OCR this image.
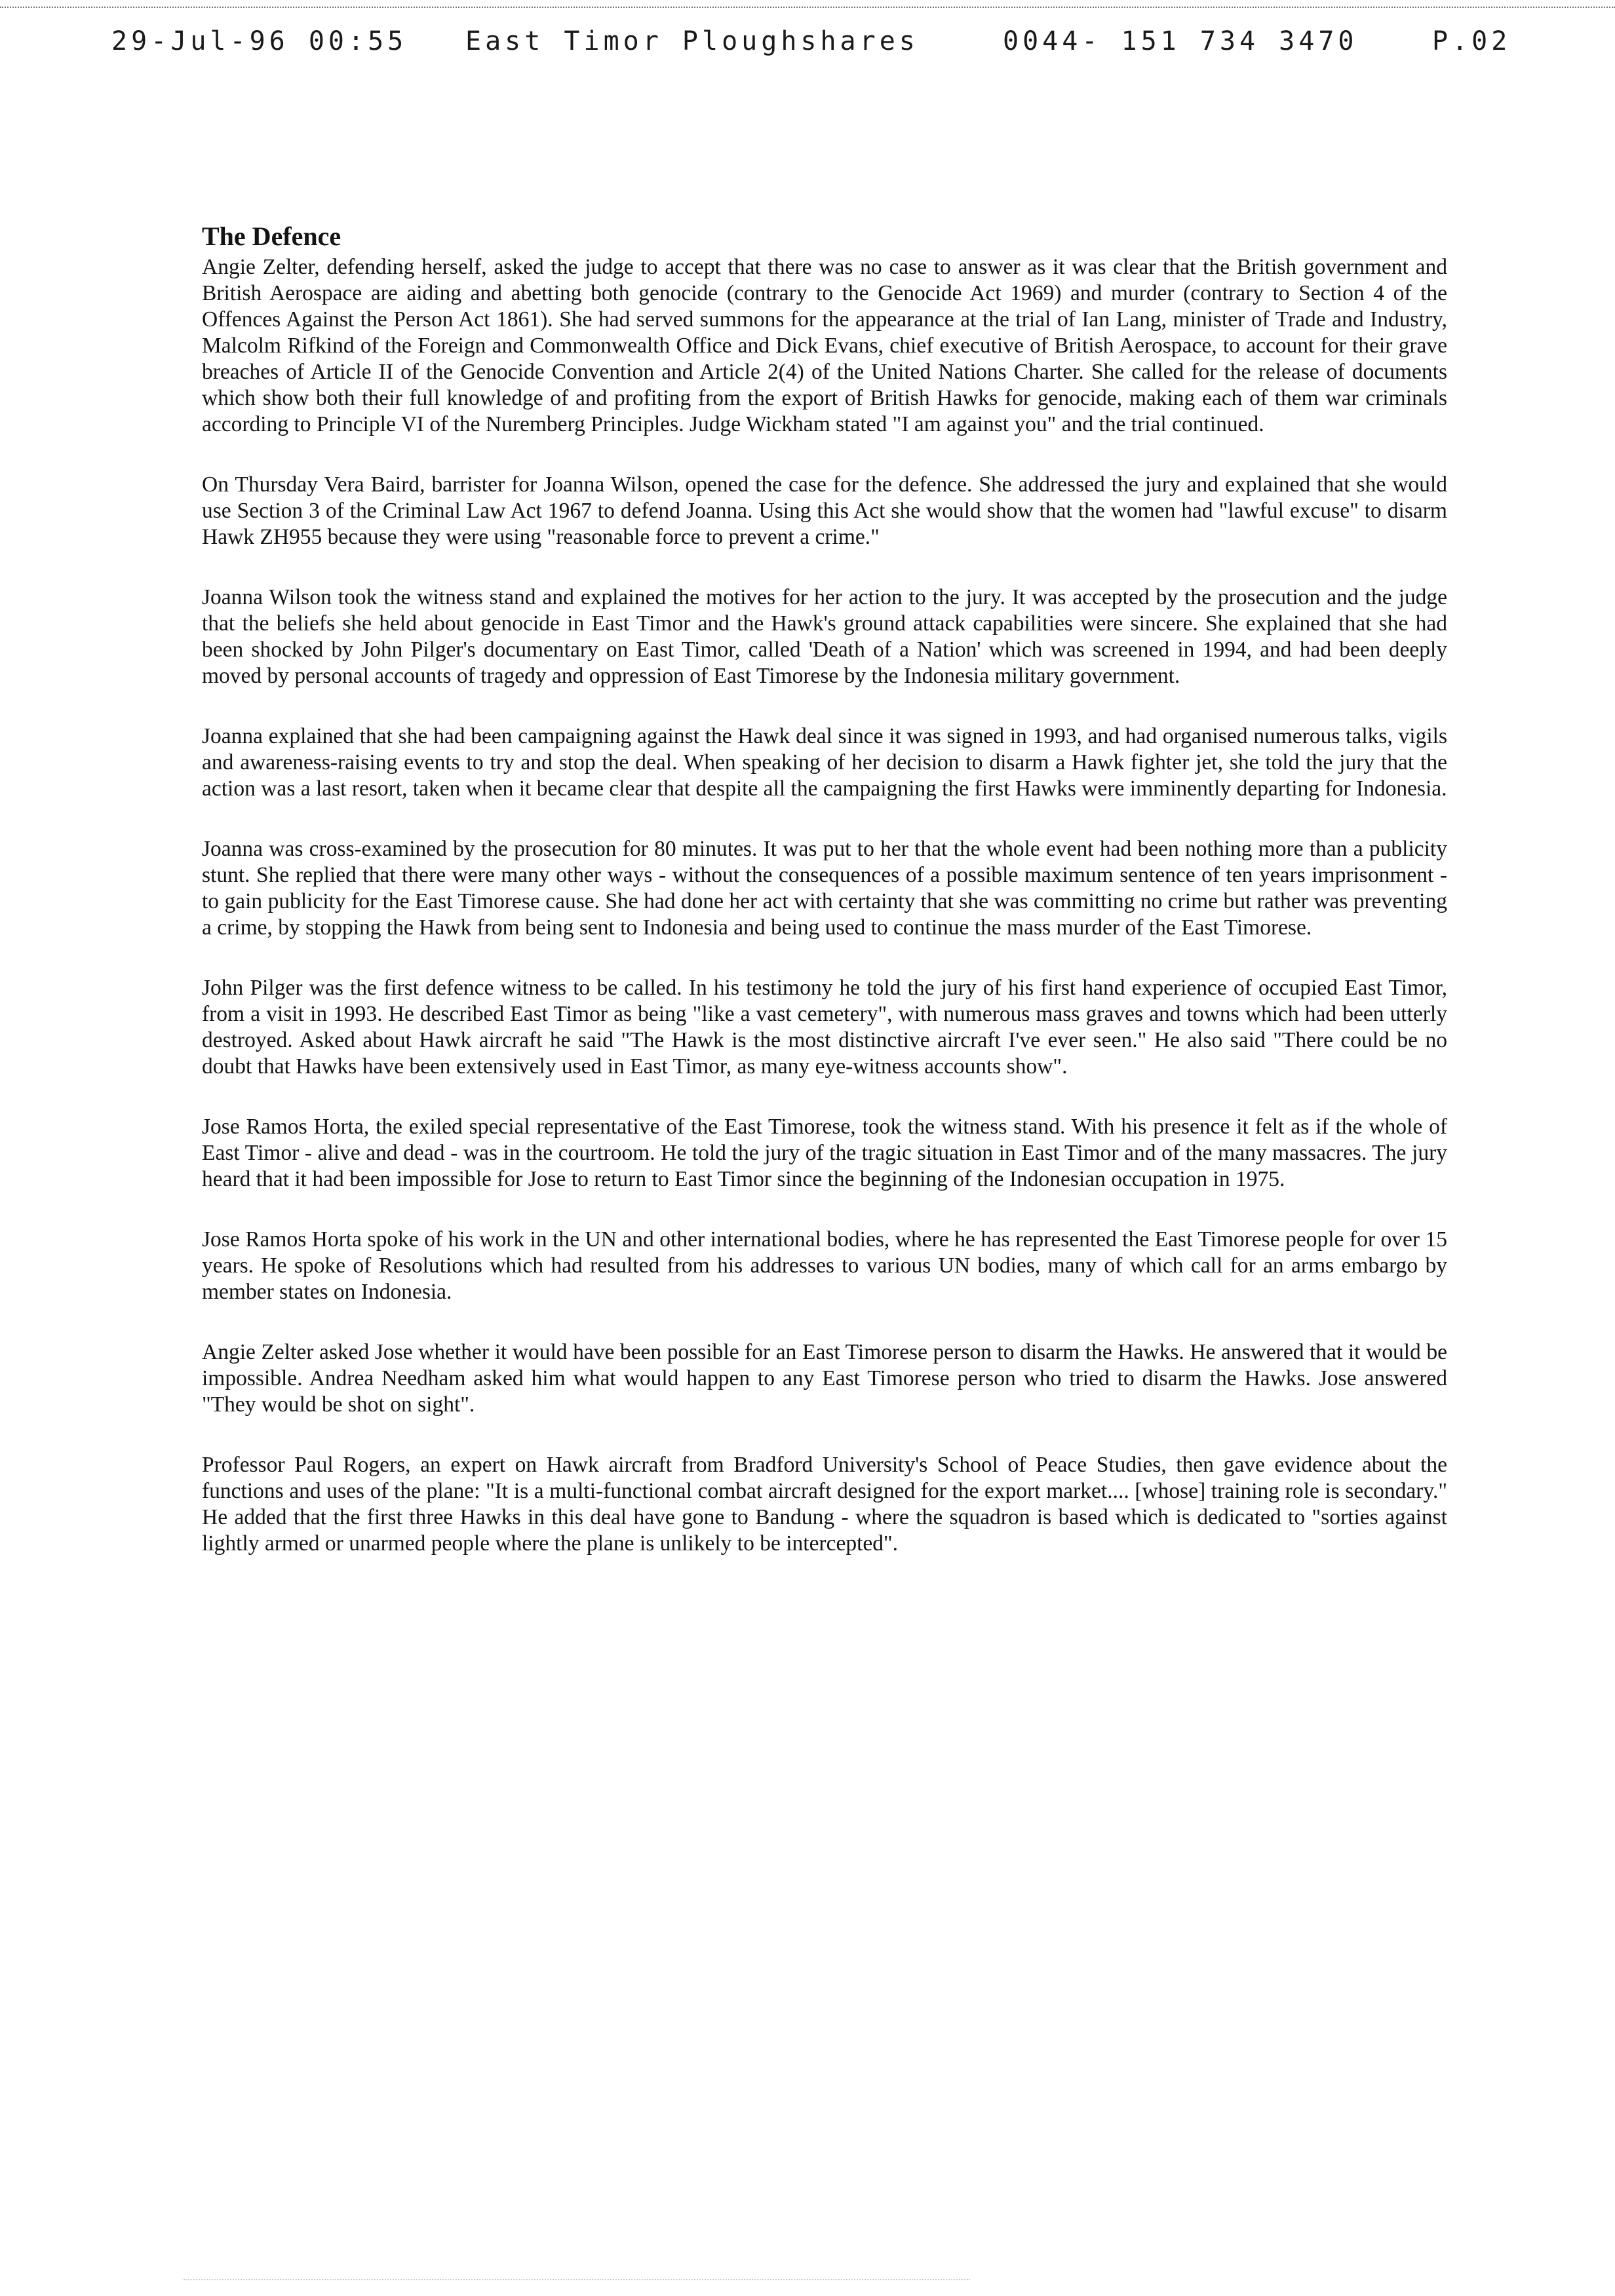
29-Jul-96 00:55 East Timor Ploughshares	0044- 151 734 3470	P.02
The Defence

Angie Zelter, defending herself, asked the judge to accept that there was no case to answer as it was clear that the British government and British Aerospace are aiding and abetting both genocide (contrary to the Genocide Act 1969) and murder (contrary to Section 4 of the Offences Against the Person Act 1861). She had served summons for the appearance at the trial of Ian Lang, minister of Trade and Industry, Malcolm Rifkind of the Foreign and Commonwealth Office and Dick Evans, chief executive of British Aerospace, to account for their grave breaches of Article II of the Genocide Convention and Article 2(4) of the United Nations Charter. She called for the release of documents which show both their full knowledge of and profiting from the export of British Hawks for genocide, making each of them war criminals according to Principle VI of the Nuremberg Principles. Judge Wickham stated "I am against you" and the trial continued.

On Thursday Vera Baird, barrister for Joanna Wilson, opened the case for the defence. She addressed the jury and explained that she would use Section 3 of the Criminal Law Act 1967 to defend Joanna. Using this Act she would show that the women had "lawful excuse" to disarm Hawk ZH955 because they were using "reasonable force to prevent a crime."

Joanna Wilson took the witness stand and explained the motives for her action to the jury. It was accepted by the prosecution and the judge that the beliefs she held about genocide in East Timor and the Hawk's ground attack capabilities were sincere. She explained that she had been shocked by John Pilger's documentary on East Timor, called 'Death of a Nation' which was screened in 1994, and had been deeply moved by personal accounts of tragedy and oppression of East Timorese by the Indonesia military government.

Joanna explained that she had been campaigning against the Hawk deal since it was signed in 1993, and had organised numerous talks, vigils and awareness-raising events to try and stop the deal. When speaking of her decision to disarm a Hawk fighter jet, she told the jury that the action was a last resort, taken when it became clear that despite all the campaigning the first Hawks were imminently departing for Indonesia.

Joanna was cross-examined by the prosecution for 80 minutes. It was put to her that the whole event had been nothing more than a publicity stunt. She replied that there were many other ways - without the consequences of a possible maximum sentence of ten years imprisonment - to gain publicity for the East Timorese cause. She had done her act with certainty that she was committing no crime but rather was preventing a crime, by stopping the Hawk from being sent to Indonesia and being used to continue the mass murder of the East Timorese.

John Pilger was the first defence witness to be called. In his testimony he told the jury of his first hand experience of occupied East Timor, from a visit in 1993. He described East Timor as being "like a vast cemetery", with numerous mass graves and towns which had been utterly destroyed. Asked about Hawk aircraft he said "The Hawk is the most distinctive aircraft I've ever seen." He also said "There could be no doubt that Hawks have been extensively used in East Timor, as many eye-witness accounts show".

Jose Ramos Horta, the exiled special representative of the East Timorese, took the witness stand. With his presence it felt as if the whole of East Timor - alive and dead - was in the courtroom. He told the jury of the tragic situation in East Timor and of the many massacres. The jury heard that it had been impossible for Jose to return to East Timor since the beginning of the Indonesian occupation in 1975.

Jose Ramos Horta spoke of his work in the UN and other international bodies, where he has represented the East Timorese people for over 15 years. He spoke of Resolutions which had resulted from his addresses to various UN bodies, many of which call for an arms embargo by member states on Indonesia.

Angie Zelter asked Jose whether it would have been possible for an East Timorese person to disarm the Hawks. He answered that it would be impossible. Andrea Needham asked him what would happen to any East Timorese person who tried to disarm the Hawks. Jose answered "They would be shot on sight".

Professor Paul Rogers, an expert on Hawk aircraft from Bradford University's School of Peace Studies, then gave evidence about the functions and uses of the plane: "It is a multi-functional combat aircraft designed for the export market.... [whose] training role is secondary." He added that the first three Hawks in this deal have gone to Bandung - where the squadron is based which is dedicated to "sorties against lightly armed or unarmed people where the plane is unlikely to be intercepted".
